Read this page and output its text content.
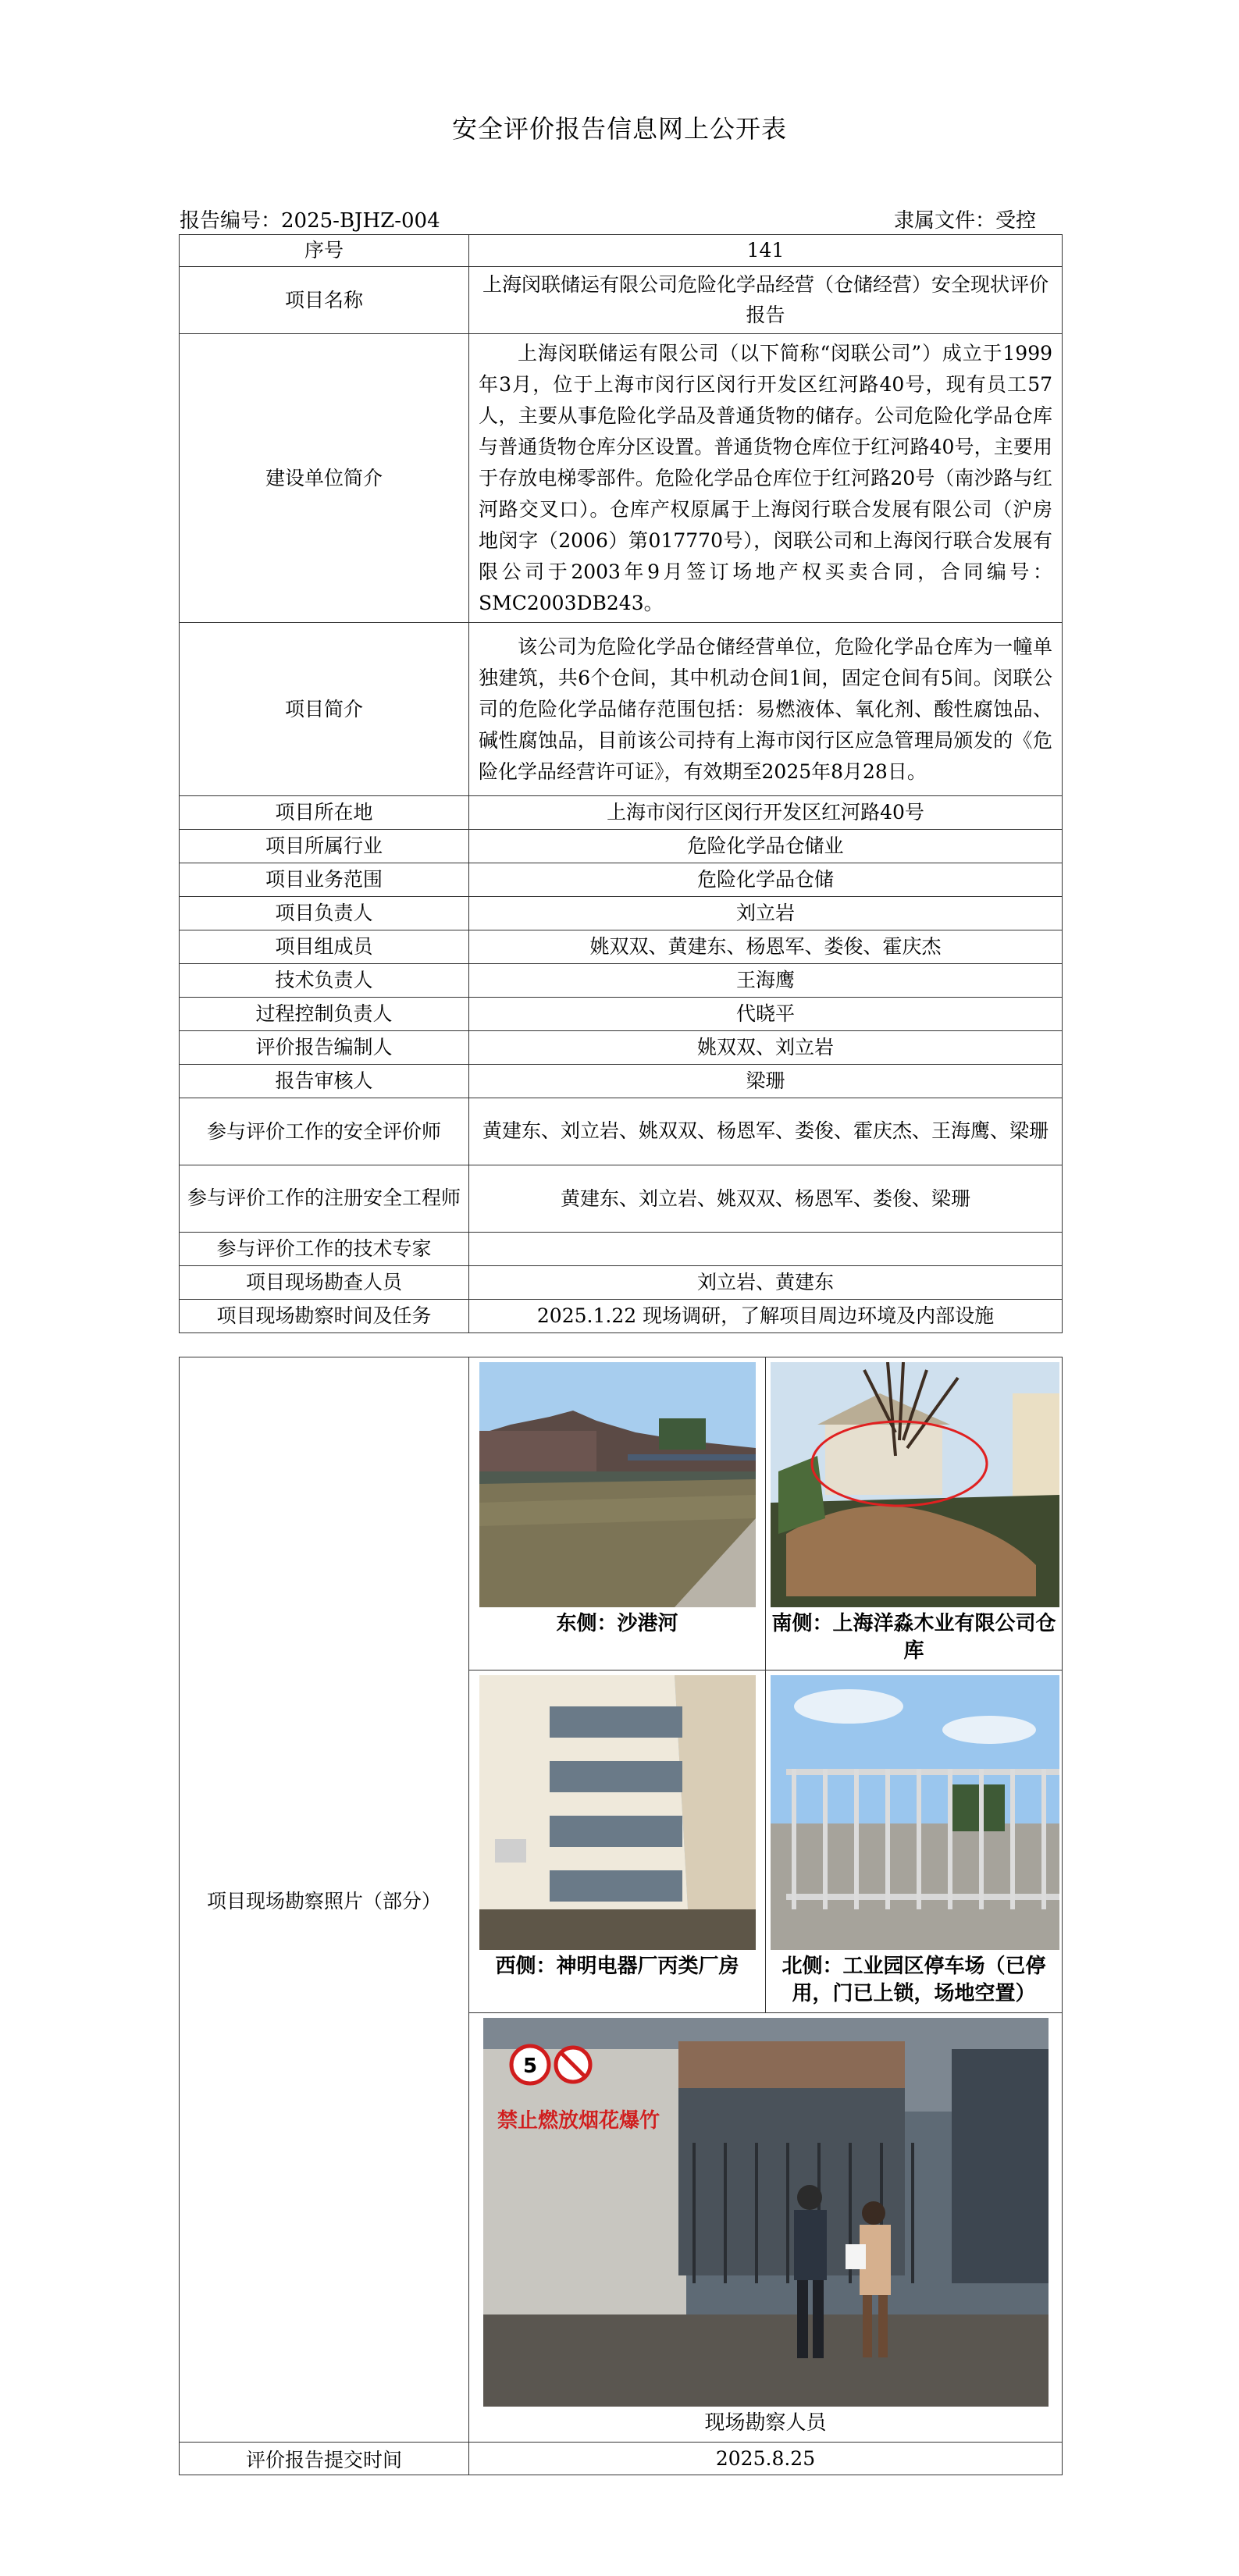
安全评价报告信息网上公开表
报告编号：2025-BJHZ-004	隶属文件：受控
序号	141
项目名称	上海闵联储运有限公司危险化学品经营（仓储经营）安全现状评价报告
建设单位简介	上海闵联储运有限公司（以下简称“闵联公司”）成立于1999年3月，位于上海市闵行区闵行开发区红河路40号，现有员工57人，主要从事危险化学品及普通货物的储存。公司危险化学品仓库与普通货物仓库分区设置。普通货物仓库位于红河路40号，主要用于存放电梯零部件。危险化学品仓库位于红河路20号（南沙路与红河路交叉口）。仓库产权原属于上海闵行联合发展有限公司（沪房地闵字（2006）第017770号），闵联公司和上海闵行联合发展有限公司于2003年9月签订场地产权买卖合同，合同编号：SMC2003DB243。

项目简介	该公司为危险化学品仓储经营单位，危险化学品仓库为一幢单独建筑，共6个仓间，其中机动仓间1间，固定仓间有5间。闵联公司的危险化学品储存范围包括：易燃液体、氧化剂、酸性腐蚀品、碱性腐蚀品，目前该公司持有上海市闵行区应急管理局颁发的《危险化学品经营许可证》，有效期至2025年8月28日。

项目所在地	上海市闵行区闵行开发区红河路40号
项目所属行业	危险化学品仓储业
项目业务范围	危险化学品仓储
项目负责人	刘立岩
项目组成员	姚双双、黄建东、杨恩军、娄俊、霍庆杰
技术负责人	王海鹰
过程控制负责人	代晓平
评价报告编制人	姚双双、刘立岩
报告审核人	梁珊
参与评价工作的安全评价师	黄建东、刘立岩、姚双双、杨恩军、娄俊、霍庆杰、王海鹰、梁珊
参与评价工作的注册安全工程师	黄建东、刘立岩、姚双双、杨恩军、娄俊、梁珊
参与评价工作的技术专家	
项目现场勘查人员	刘立岩、黄建东
项目现场勘察时间及任务	2025.1.22 现场调研，了解项目周边环境及内部设施
项目现场勘察照片（部分）	东侧：沙港河	南侧：上海洋淼木业有限公司仓库

	西侧：神明电器厂丙类厂房	北侧：工业园区停车场（已停用，门已上锁，场地空置）

5
禁止燃放烟花爆竹
现场勘察人员	

评价报告提交时间	2025.8.25	
